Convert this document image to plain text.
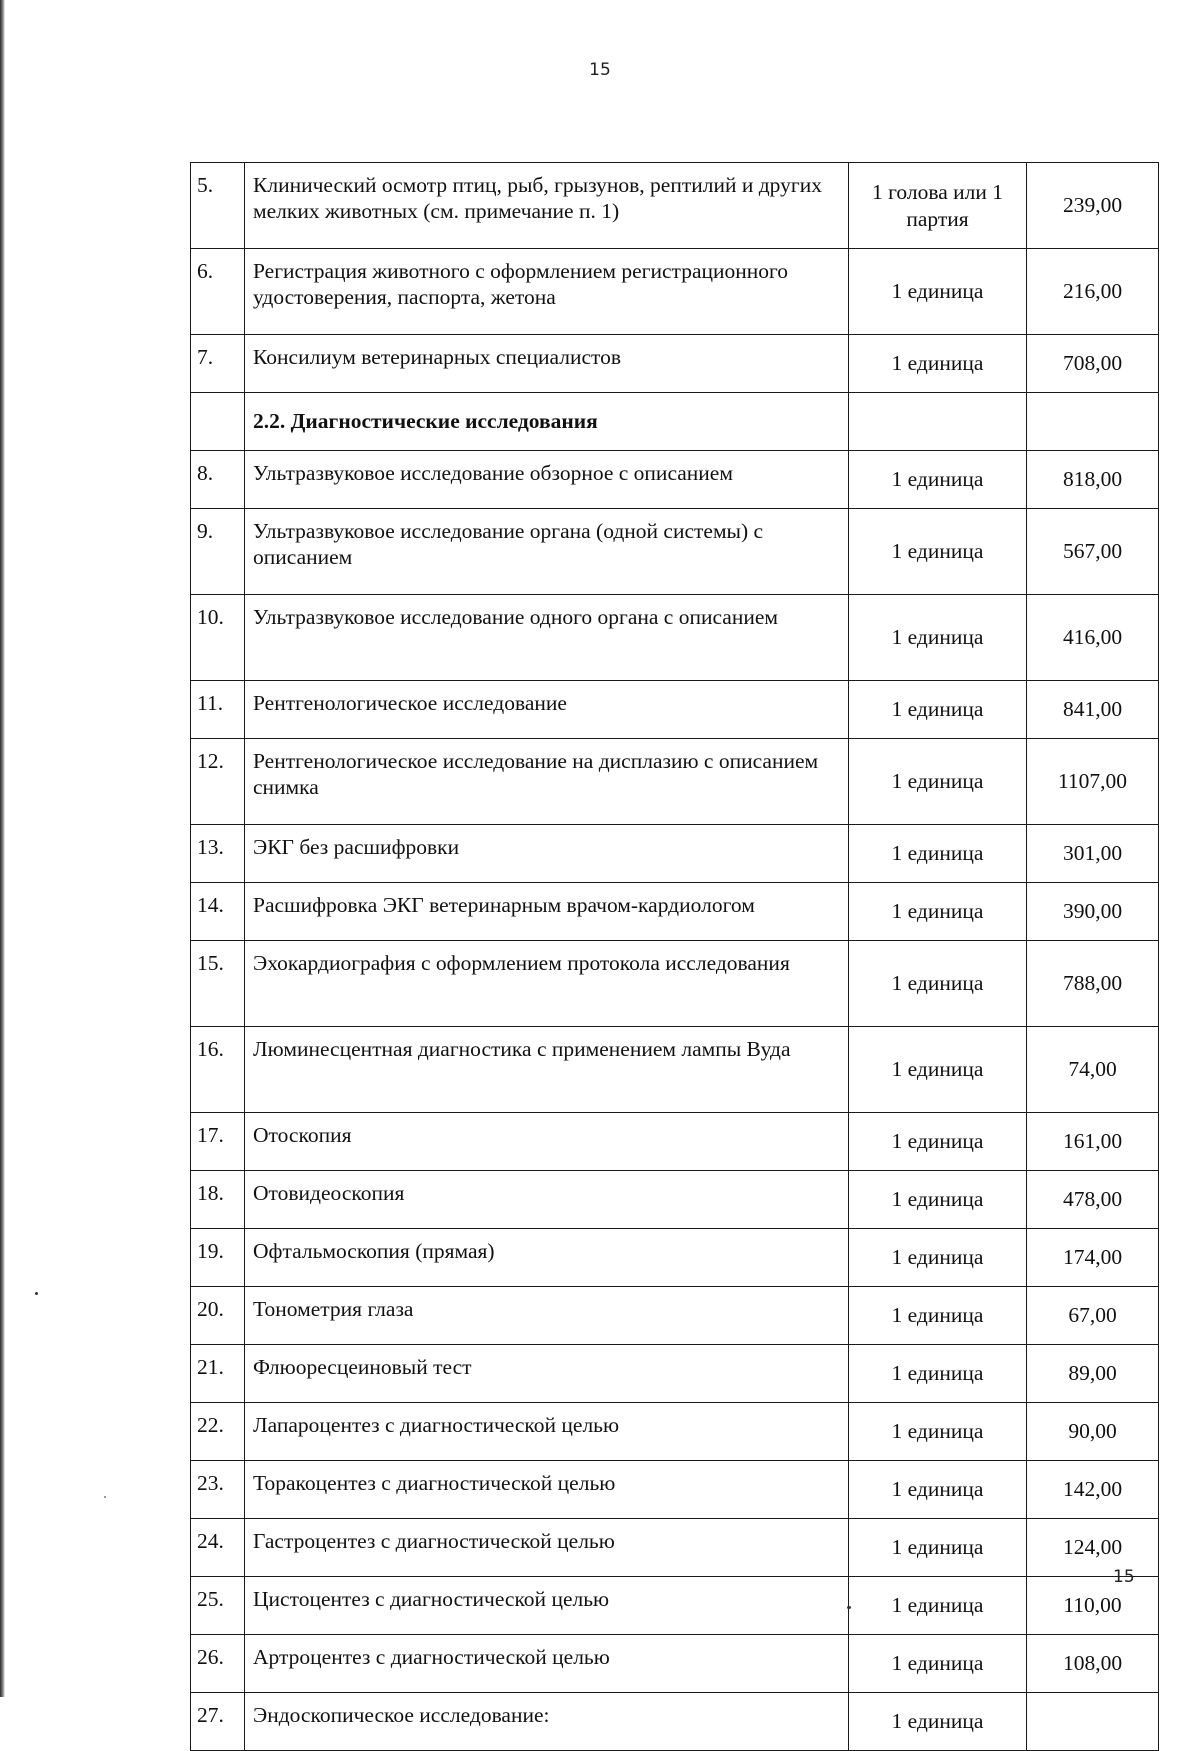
15
5.	Клинический осмотр птиц, рыб, грызунов, рептилий и других мелких животных (см. примечание п. 1)	1 голова или 1 партия	239,00
6.	Регистрация животного с оформлением регистрационного удостоверения, паспорта, жетона	1 единица	216,00
7.	Консилиум ветеринарных специалистов	1 единица	708,00
	2.2. Диагностические исследования		
8.	Ультразвуковое исследование обзорное с описанием	1 единица	818,00
9.	Ультразвуковое исследование органа (одной системы) с описанием	1 единица	567,00
10.	Ультразвуковое исследование одного органа с описанием	1 единица	416,00
11.	Рентгенологическое исследование	1 единица	841,00
12.	Рентгенологическое исследование на дисплазию с описанием снимка	1 единица	1107,00
13.	ЭКГ без расшифровки	1 единица	301,00
14.	Расшифровка ЭКГ ветеринарным врачом-кардиологом	1 единица	390,00
15.	Эхокардиография с оформлением протокола исследования	1 единица	788,00
16.	Люминесцентная диагностика с применением лампы Вуда	1 единица	74,00
17.	Отоскопия	1 единица	161,00
18.	Отовидеоскопия	1 единица	478,00
19.	Офтальмоскопия (прямая)	1 единица	174,00
20.	Тонометрия глаза	1 единица	67,00
21.	Флюоресцеиновый тест	1 единица	89,00
22.	Лапароцентез с диагностической целью	1 единица	90,00
23.	Торакоцентез с диагностической целью	1 единица	142,00
24.	Гастроцентез с диагностической целью	1 единица	124,00
25.	Цистоцентез с диагностической целью	1 единица	110,00
26.	Артроцентез с диагностической целью	1 единица	108,00
27.	Эндоскопическое исследование:	1 единица	
15
